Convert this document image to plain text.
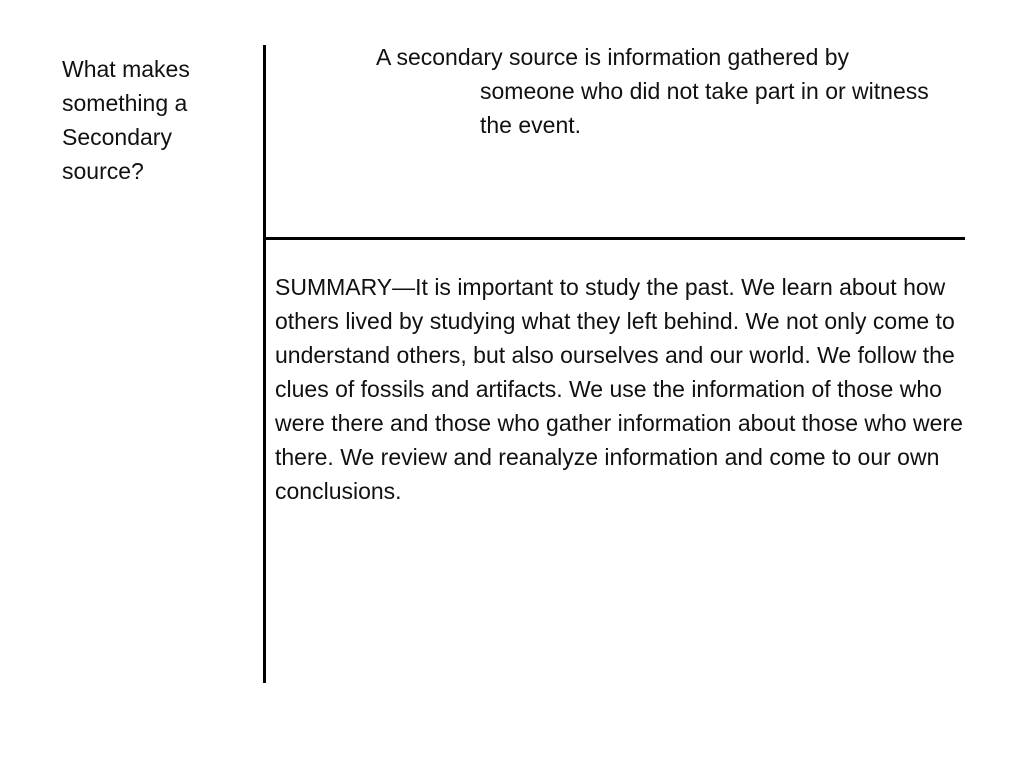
What makes something a Secondary source?

A secondary source is information gathered by someone who did not take part in or witness the event.

SUMMARY—It is important to study the past. We learn about how others lived by studying what they left behind. We not only come to understand others, but also ourselves and our world. We follow the clues of fossils and artifacts. We use the information of those who were there and those who gather information about those who were there. We review and reanalyze information and come to our own conclusions.
